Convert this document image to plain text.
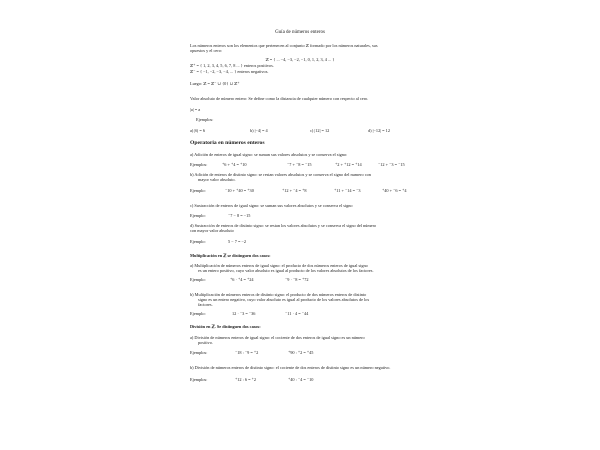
Guía de números enteros
Los números enteros son los elementos que pertenecen al conjunto ℤ formado por los números naturales, sus
opuestos y el cero:
ℤ = { ... −4, −3, −2, −1, 0, 1, 2, 3, 4 ... }
ℤ⁺ = { 1, 2, 3, 4, 5, 6, 7, 8 ... } enteros positivos.
ℤ⁻ = { −1, −2, −3, −4, ... } enteros negativos.
Luego: ℤ = ℤ⁻ ∪ {0} ∪ ℤ⁺
Valor absoluto de número entero: Se define como la distancia de cualquier número con respecto al cero.
|a| = a
Ejemplos:
a) |6| = 6	b) |−4| = 4	c) |12| = 12	d) |−12| = 12
Operatoria en números enteros
a) Adición de enteros de igual signo: se suman sus valores absolutos y se conserva el signo:
Ejemplos:	⁺6 + ⁺4 = ⁺10	⁻7 + ⁻8 = ⁻15	⁺2 + ⁺12 = ⁺14	⁻12 + ⁻3 = ⁻15
b) Adición de enteros de distinto signo: se restan valores absolutos y se conserva el signo del numero con
mayor valor absoluto.
Ejemplo:	⁻10 + ⁺40 = ⁺30	⁺12 + ⁻4 = ⁺8	⁺11 + ⁻14 = ⁻3	⁺40 + ⁻6 = ⁺4
c) Sustracción de enteros de igual signo: se suman sus valores absolutos y se conserva el signo
Ejemplo:	⁻7 − 8 = −15
d) Sustracción de enteros de distinto signo: se restan los valores absolutos y se conserva el signo del número
con mayor valor absoluto
Ejemplo:	5 − 7 = −2
Multiplicación en ℤ se distinguen dos casos:
a) Multiplicación de números enteros de igual signo: el producto de dos números enteros de igual signo
es un entero positivo, cuyo valor absoluto es igual al producto de los valores absolutos de los factores.
Ejemplo:	⁺6 · ⁺4 = ⁺24	⁻9 · ⁻8 = ⁺72
b) Multiplicación de números enteros de distinto signo: el producto de dos números enteros de distinto
signo es un entero negativo, cuyo valor absoluto es igual al producto de los valores absolutos de los
factores.
Ejemplo:	12 · ⁻3 = ⁻36	⁻11 · 4 = ⁻44
División en ℤ. Se distinguen dos casos:
a) División de números enteros de igual signo: el cociente de dos enteros de igual signo es un número
positivo.
Ejemplos:	⁻18 : ⁻9 = ⁺2	⁺90 : ⁺2 = ⁺45
b) División de números enteros de distinto signo: el cociente de dos enteros de distinto signo es un número negativo.
Ejemplos:	⁺12 : 6 = ⁺2	⁺40 : ⁻4 = ⁻10
